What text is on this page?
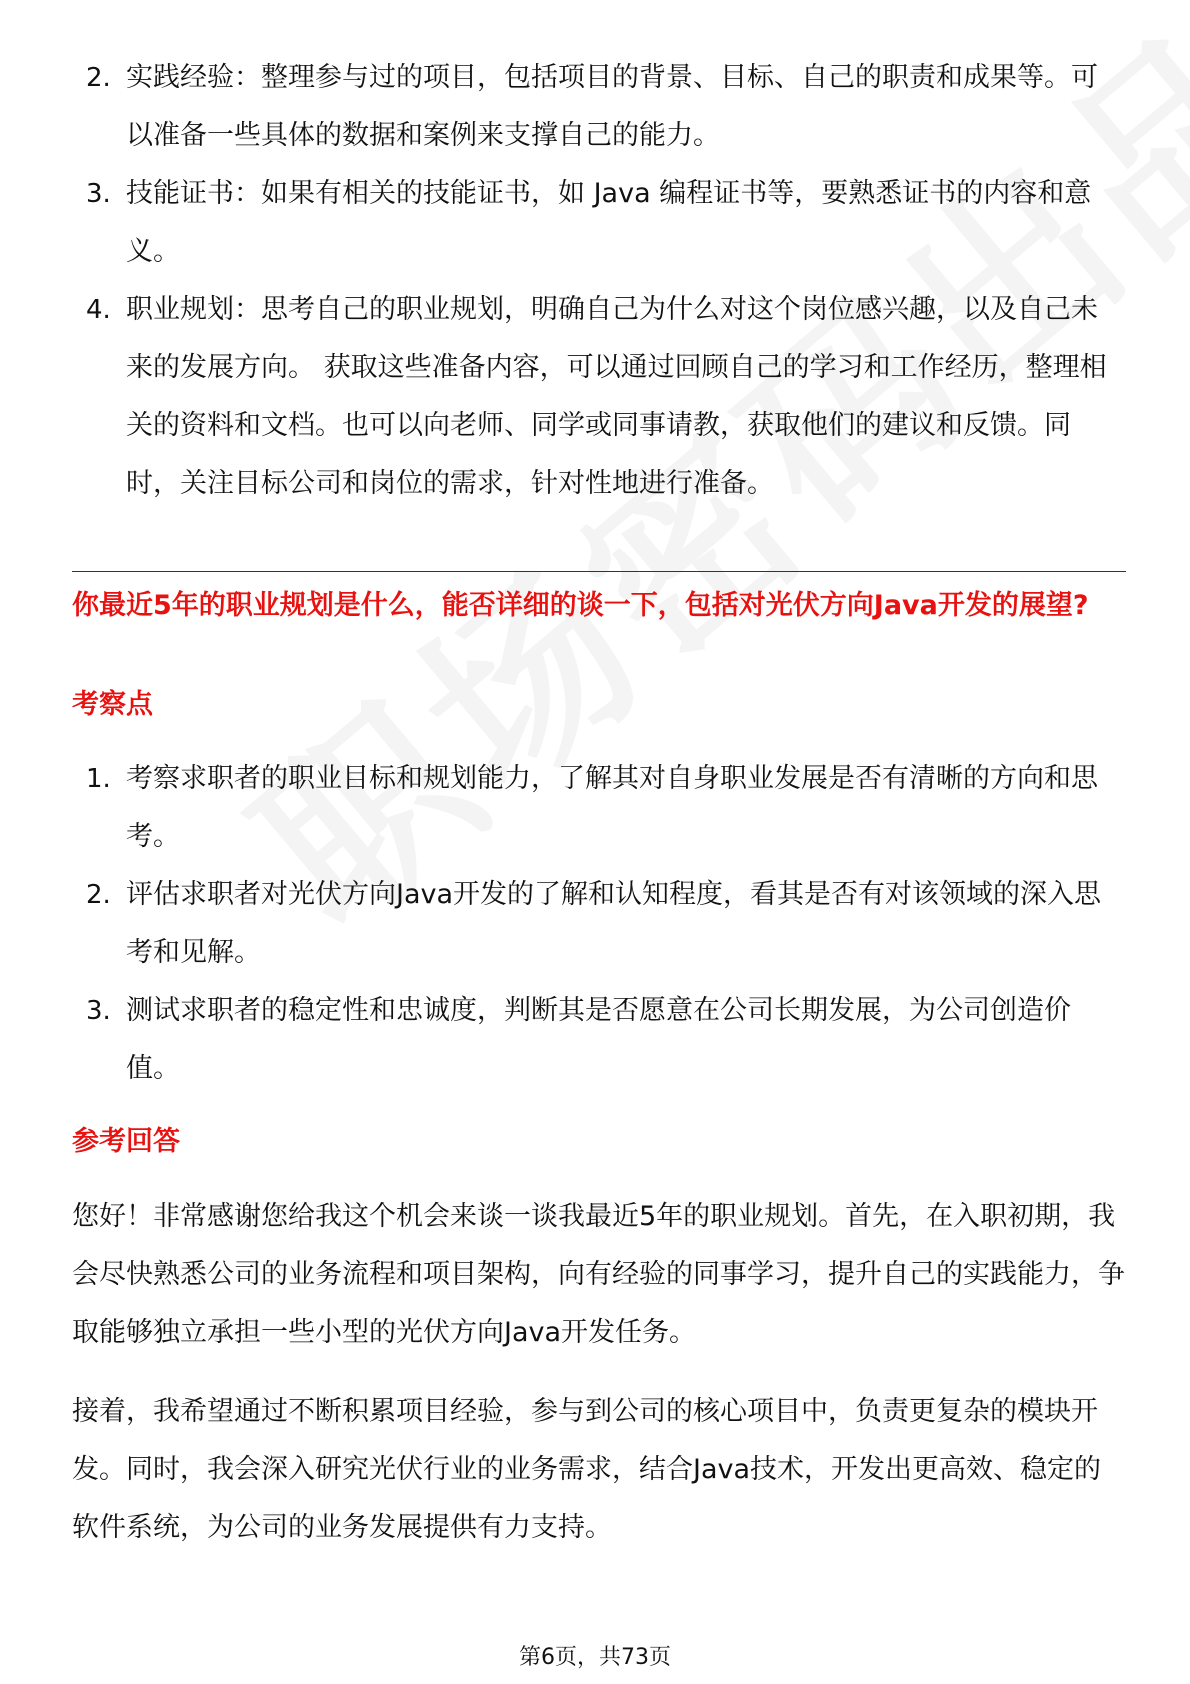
2. 实践经验：整理参与过的项目，包括项目的背景、目标、自己的职责和成果等。可以准备一些具体的数据和案例来支撑自己的能力。
3. 技能证书：如果有相关的技能证书，如 Java 编程证书等，要熟悉证书的内容和意义。
4. 职业规划：思考自己的职业规划，明确自己为什么对这个岗位感兴趣，以及自己未来的发展方向。 获取这些准备内容，可以通过回顾自己的学习和工作经历，整理相关的资料和文档。也可以向老师、同学或同事请教，获取他们的建议和反馈。同时，关注目标公司和岗位的需求，针对性地进行准备。
你最近5年的职业规划是什么，能否详细的谈一下，包括对光伏方向Java开发的展望?
考察点
1. 考察求职者的职业目标和规划能力，了解其对自身职业发展是否有清晰的方向和思考。
2. 评估求职者对光伏方向Java开发的了解和认知程度，看其是否有对该领域的深入思考和见解。
3. 测试求职者的稳定性和忠诚度，判断其是否愿意在公司长期发展，为公司创造价值。
参考回答
您好！非常感谢您给我这个机会来谈一谈我最近5年的职业规划。首先，在入职初期，我会尽快熟悉公司的业务流程和项目架构，向有经验的同事学习，提升自己的实践能力，争取能够独立承担一些小型的光伏方向Java开发任务。
接着，我希望通过不断积累项目经验，参与到公司的核心项目中，负责更复杂的模块开发。同时，我会深入研究光伏行业的业务需求，结合Java技术，开发出更高效、稳定的软件系统，为公司的业务发展提供有力支持。
第6页，共73页
